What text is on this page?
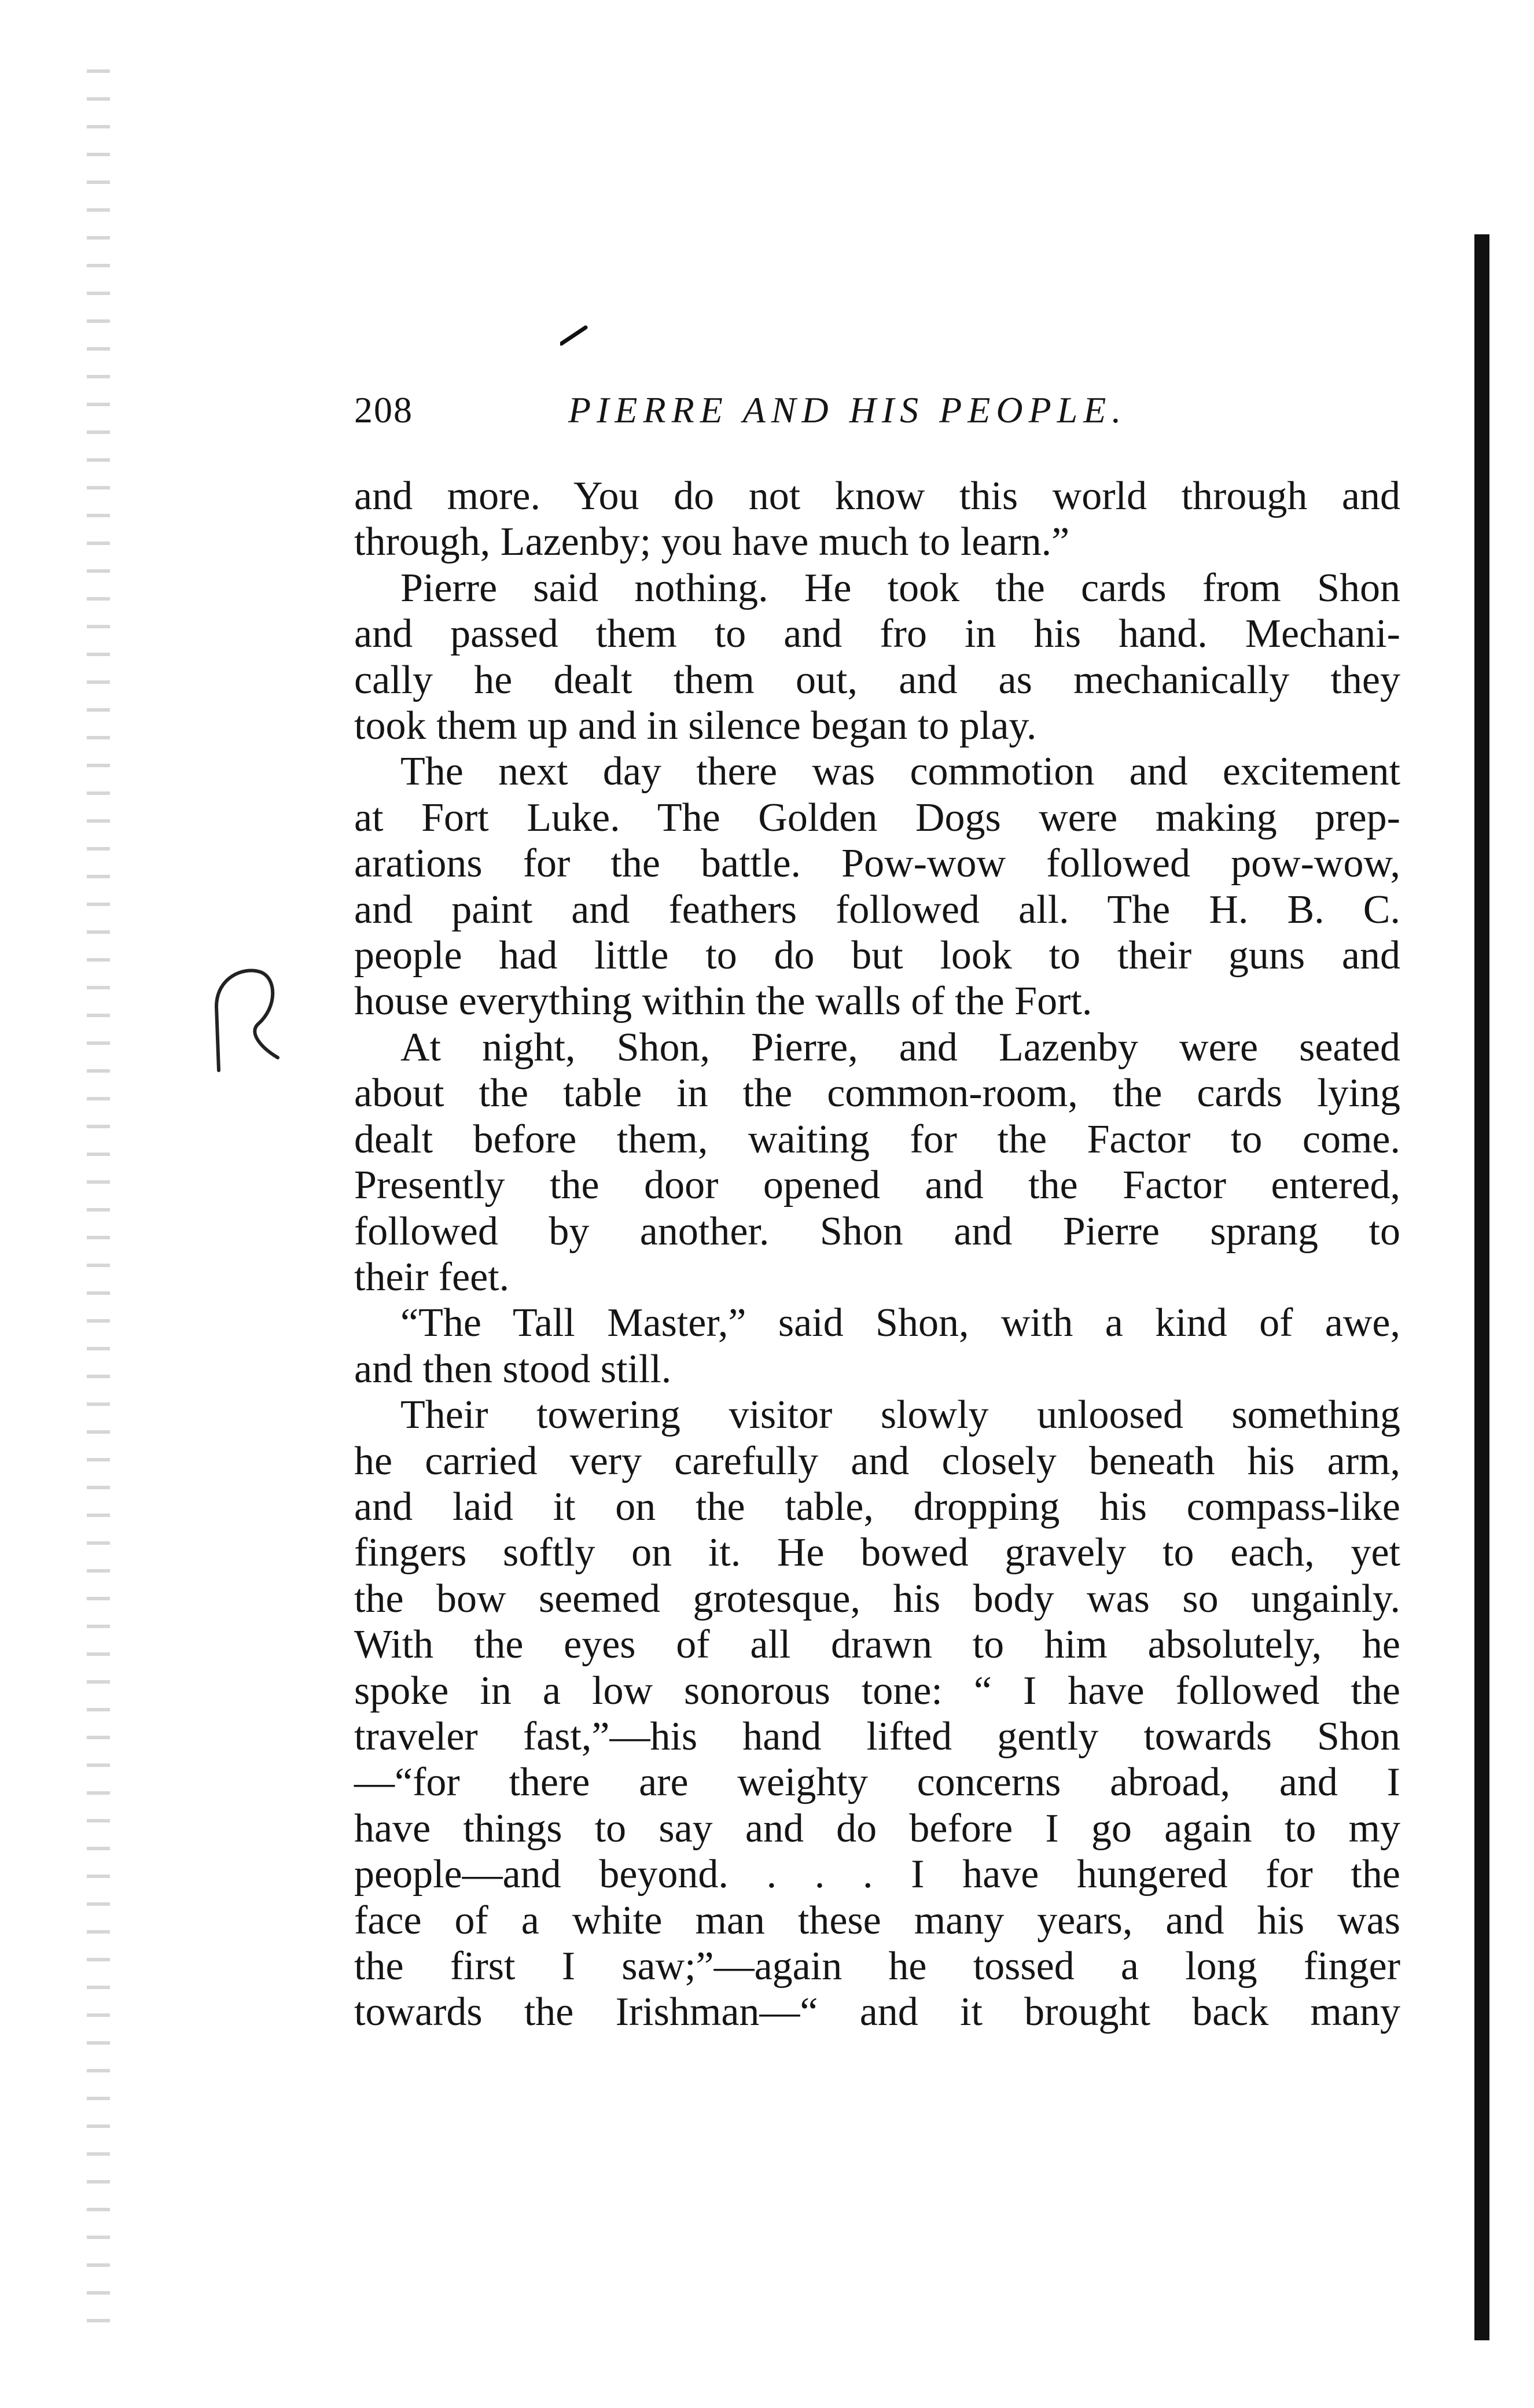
208	PIERRE AND HIS PEOPLE.
and more. You do not know this world through and
through, Lazenby; you have much to learn.”
Pierre said nothing. He took the cards from Shon
and passed them to and fro in his hand. Mechani-
cally he dealt them out, and as mechanically they
took them up and in silence began to play.
The next day there was commotion and excitement
at Fort Luke. The Golden Dogs were making prep-
arations for the battle. Pow-wow followed pow-wow,
and paint and feathers followed all. The H. B. C.
people had little to do but look to their guns and
house everything within the walls of the Fort.
At night, Shon, Pierre, and Lazenby were seated
about the table in the common-room, the cards lying
dealt before them, waiting for the Factor to come.
Presently the door opened and the Factor entered,
followed by another. Shon and Pierre sprang to
their feet.
“The Tall Master,” said Shon, with a kind of awe,
and then stood still.
Their towering visitor slowly unloosed something
he carried very carefully and closely beneath his arm,
and laid it on the table, dropping his compass-like
fingers softly on it. He bowed gravely to each, yet
the bow seemed grotesque, his body was so ungainly.
With the eyes of all drawn to him absolutely, he
spoke in a low sonorous tone: “ I have followed the
traveler fast,”—his hand lifted gently towards Shon
—“for there are weighty concerns abroad, and I
have things to say and do before I go again to my
people—and beyond. . . . I have hungered for the
face of a white man these many years, and his was
the first I saw;”—again he tossed a long finger
towards the Irishman—“ and it brought back many
